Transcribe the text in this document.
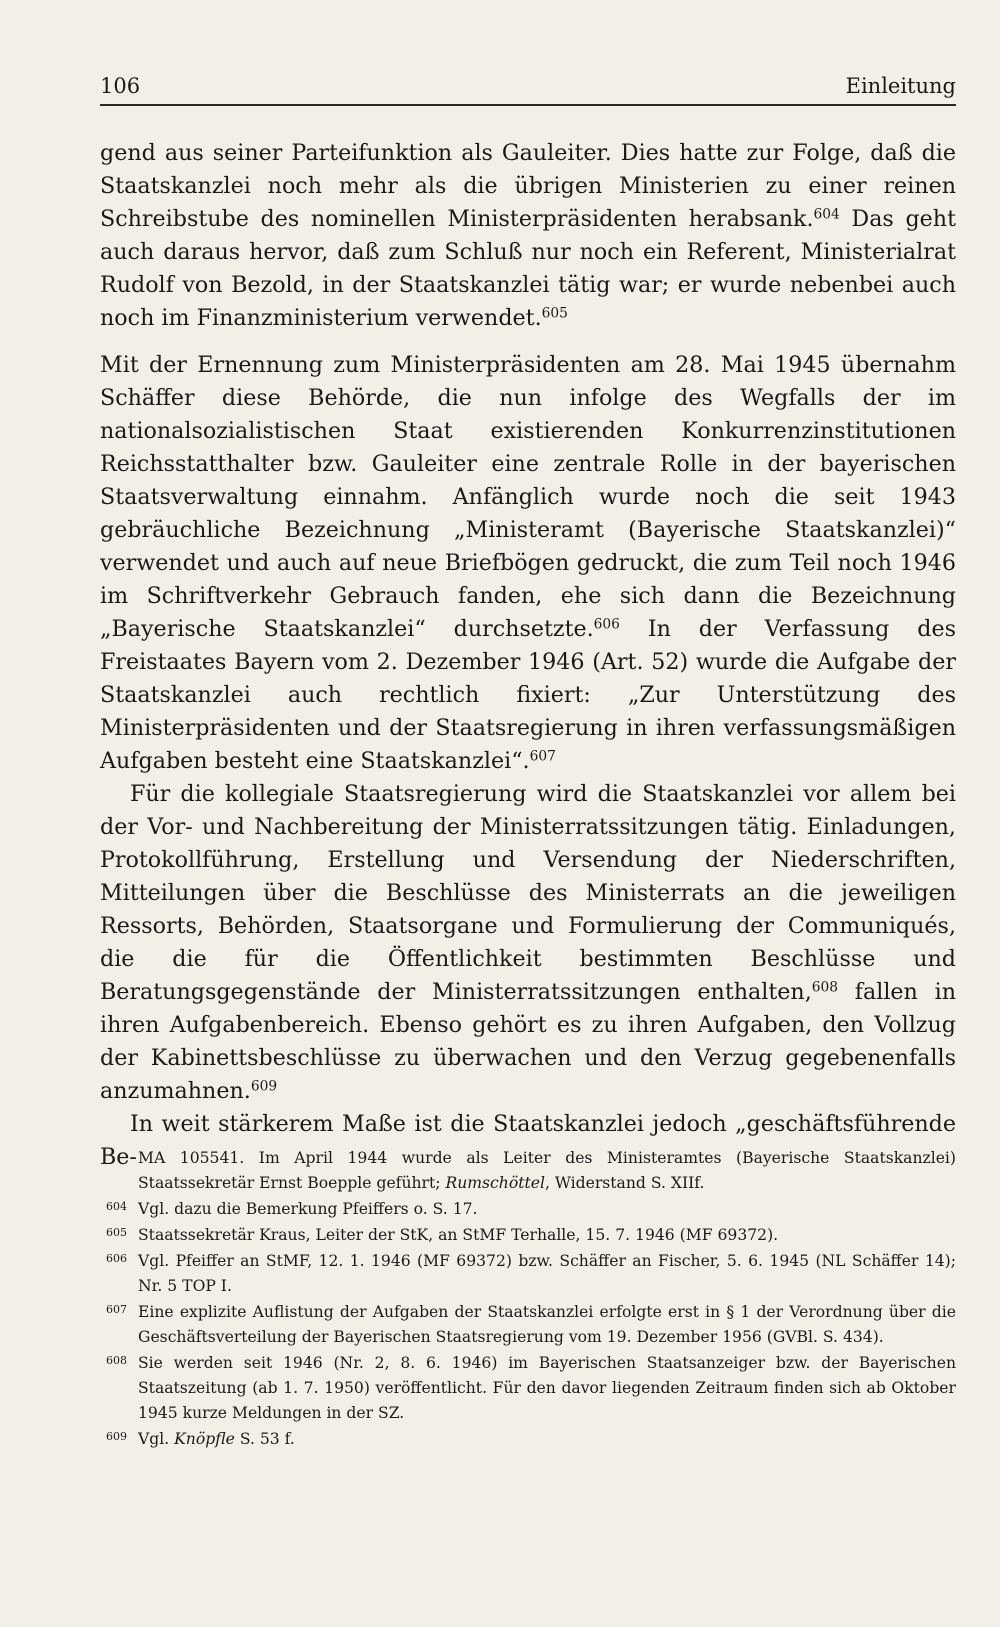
106	Einleitung

gend aus seiner Parteifunktion als Gauleiter. Dies hatte zur Folge, daß die Staatskanzlei noch mehr als die übrigen Ministerien zu einer reinen Schreibstube des nominellen Ministerpräsidenten herabsank.$^{604}$ Das geht auch daraus hervor, daß zum Schluß nur noch ein Referent, Ministerialrat Rudolf von Bezold, in der Staatskanzlei tätig war; er wurde nebenbei auch noch im Finanzministerium verwendet.$^{605}$

Mit der Ernennung zum Ministerpräsidenten am 28. Mai 1945 übernahm Schäffer diese Behörde, die nun infolge des Wegfalls der im nationalsozialistischen Staat existierenden Konkurrenzinstitutionen Reichsstatthalter bzw. Gauleiter eine zentrale Rolle in der bayerischen Staatsverwaltung einnahm. Anfänglich wurde noch die seit 1943 gebräuchliche Bezeichnung „Ministeramt (Bayerische Staatskanzlei)“ verwendet und auch auf neue Briefbögen gedruckt, die zum Teil noch 1946 im Schriftverkehr Gebrauch fanden, ehe sich dann die Bezeichnung „Bayerische Staatskanzlei“ durchsetzte.$^{606}$ In der Verfassung des Freistaates Bayern vom 2. Dezember 1946 (Art. 52) wurde die Aufgabe der Staatskanzlei auch rechtlich fixiert: „Zur Unterstützung des Ministerpräsidenten und der Staatsregierung in ihren verfassungsmäßigen Aufgaben besteht eine Staatskanzlei“.$^{607}$

Für die kollegiale Staatsregierung wird die Staatskanzlei vor allem bei der Vor- und Nachbereitung der Ministerratssitzungen tätig. Einladungen, Protokollführung, Erstellung und Versendung der Niederschriften, Mitteilungen über die Beschlüsse des Ministerrats an die jeweiligen Ressorts, Behörden, Staatsorgane und Formulierung der Communiqués, die die für die Öffentlichkeit bestimmten Beschlüsse und Beratungsgegenstände der Ministerratssitzungen enthalten,$^{608}$ fallen in ihren Aufgabenbereich. Ebenso gehört es zu ihren Aufgaben, den Vollzug der Kabinettsbeschlüsse zu überwachen und den Verzug gegebenenfalls anzumahnen.$^{609}$

In weit stärkerem Maße ist die Staatskanzlei jedoch „geschäftsführende Be- MA 105541. Im April 1944 wurde als Leiter des Ministeramtes (Bayerische Staatskanzlei) Staatssekretär Ernst Boepple geführt; Rumschöttel, Widerstand S. XIIf.
604 Vgl. dazu die Bemerkung Pfeiffers o. S. 17.
605 Staatssekretär Kraus, Leiter der StK, an StMF Terhalle, 15. 7. 1946 (MF 69372).
606 Vgl. Pfeiffer an StMF, 12. 1. 1946 (MF 69372) bzw. Schäffer an Fischer, 5. 6. 1945 (NL Schäffer 14); Nr. 5 TOP I.
607 Eine explizite Auflistung der Aufgaben der Staatskanzlei erfolgte erst in § 1 der Verordnung über die Geschäftsverteilung der Bayerischen Staatsregierung vom 19. Dezember 1956 (GVBl. S. 434).
608 Sie werden seit 1946 (Nr. 2, 8. 6. 1946) im Bayerischen Staatsanzeiger bzw. der Bayerischen Staatszeitung (ab 1. 7. 1950) veröffentlicht. Für den davor liegenden Zeitraum finden sich ab Oktober 1945 kurze Meldungen in der SZ.
609 Vgl. Knöpfle S. 53 f.
